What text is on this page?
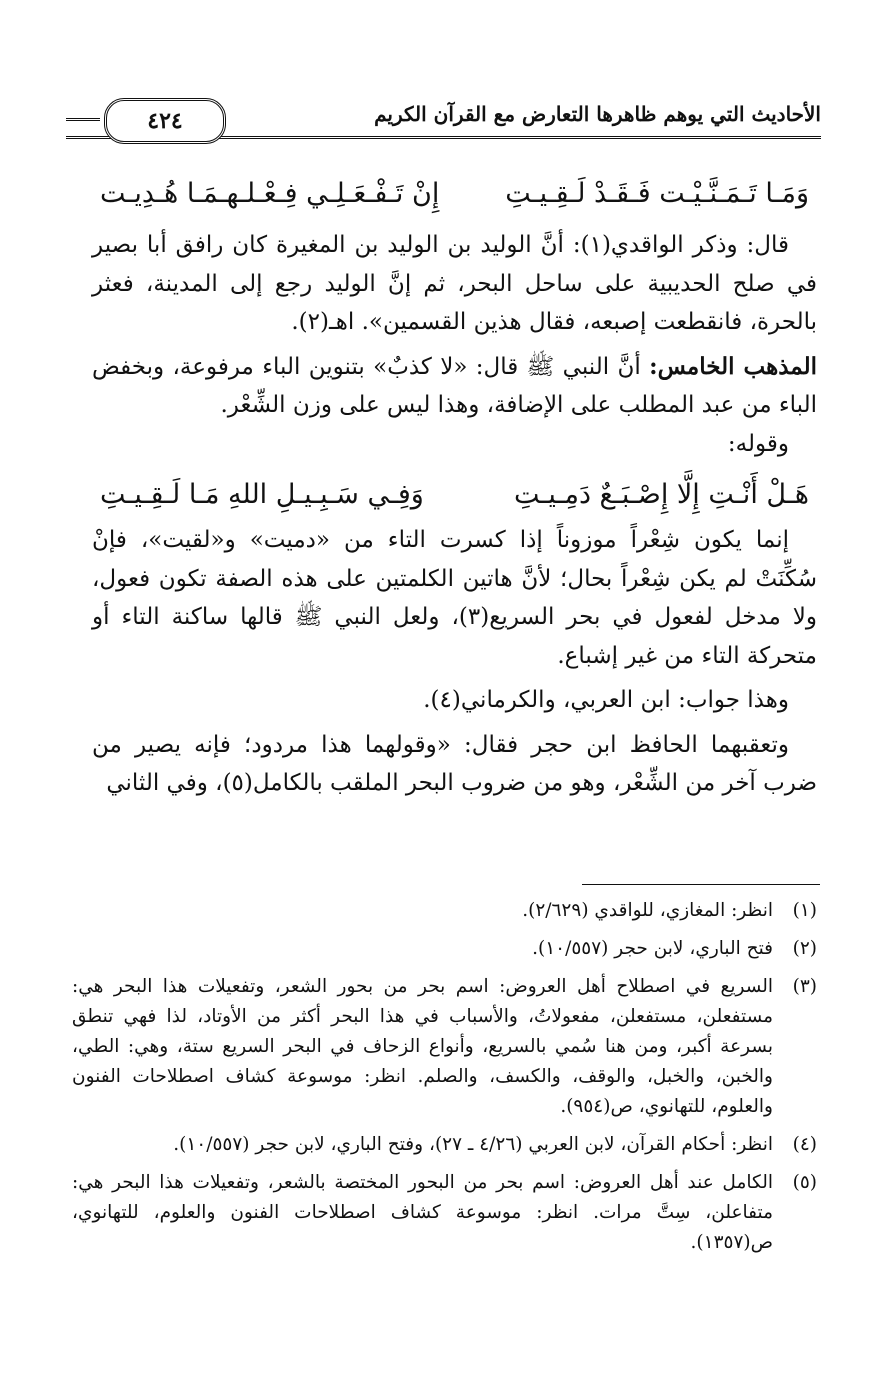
الأحاديث التي يوهم ظاهرها التعارض مع القرآن الكريم
٤٢٤
وَمَـا تَـمَـنَّـيْـت فَـقَـدْ لَـقِـيـتِ
إِنْ تَـفْـعَـلِـي فِـعْـلـهـمَـا هُـدِيـت

قال: وذكر الواقدي(١): أنَّ الوليد بن الوليد بن المغيرة كان رافق أبا بصير في صلح الحديبية على ساحل البحر، ثم إنَّ الوليد رجع إلى المدينة، فعثر بالحرة، فانقطعت إصبعه، فقال هذين القسمين». اهـ(٢).

المذهب الخامس: أنَّ النبي ﷺ قال: «لا كذبٌ» بتنوين الباء مرفوعة، وبخفض الباء من عبد المطلب على الإضافة، وهذا ليس على وزن الشِّعْر.

وقوله:

هَـلْ أَنْـتِ إِلَّا إِصْـبَـعٌ دَمِـيـتِ
وَفِـي سَـبِـيـلِ اللهِ مَـا لَـقِـيـتِ

إنما يكون شِعْراً موزوناً إذا كسرت التاء من «دميت» و«لقيت»، فإنْ سُكِّنَتْ لم يكن شِعْراً بحال؛ لأنَّ هاتين الكلمتين على هذه الصفة تكون فعول، ولا مدخل لفعول في بحر السريع(٣)، ولعل النبي ﷺ قالها ساكنة التاء أو متحركة التاء من غير إشباع.

وهذا جواب: ابن العربي، والكرماني(٤).

وتعقبهما الحافظ ابن حجر فقال: «وقولهما هذا مردود؛ فإنه يصير من ضرب آخر من الشِّعْر، وهو من ضروب البحر الملقب بالكامل(٥)، وفي الثاني

(١)
انظر: المغازي، للواقدي (٢/٦٢٩).
(٢)
فتح الباري، لابن حجر (١٠/٥٥٧).
(٣)
السريع في اصطلاح أهل العروض: اسم بحر من بحور الشعر، وتفعيلات هذا البحر هي: مستفعلن، مستفعلن، مفعولاتُ، والأسباب في هذا البحر أكثر من الأوتاد، لذا فهي تنطق بسرعة أكبر، ومن هنا سُمي بالسريع، وأنواع الزحاف في البحر السريع ستة، وهي: الطي، والخبن، والخبل، والوقف، والكسف، والصلم. انظر: موسوعة كشاف اصطلاحات الفنون والعلوم، للتهانوي، ص(٩٥٤).
(٤)
انظر: أحكام القرآن، لابن العربي (٤/٢٦ ـ ٢٧)، وفتح الباري، لابن حجر (١٠/٥٥٧).
(٥)
الكامل عند أهل العروض: اسم بحر من البحور المختصة بالشعر، وتفعيلات هذا البحر هي: متفاعلن، سِتَّ مرات. انظر: موسوعة كشاف اصطلاحات الفنون والعلوم، للتهانوي، ص(١٣٥٧).
